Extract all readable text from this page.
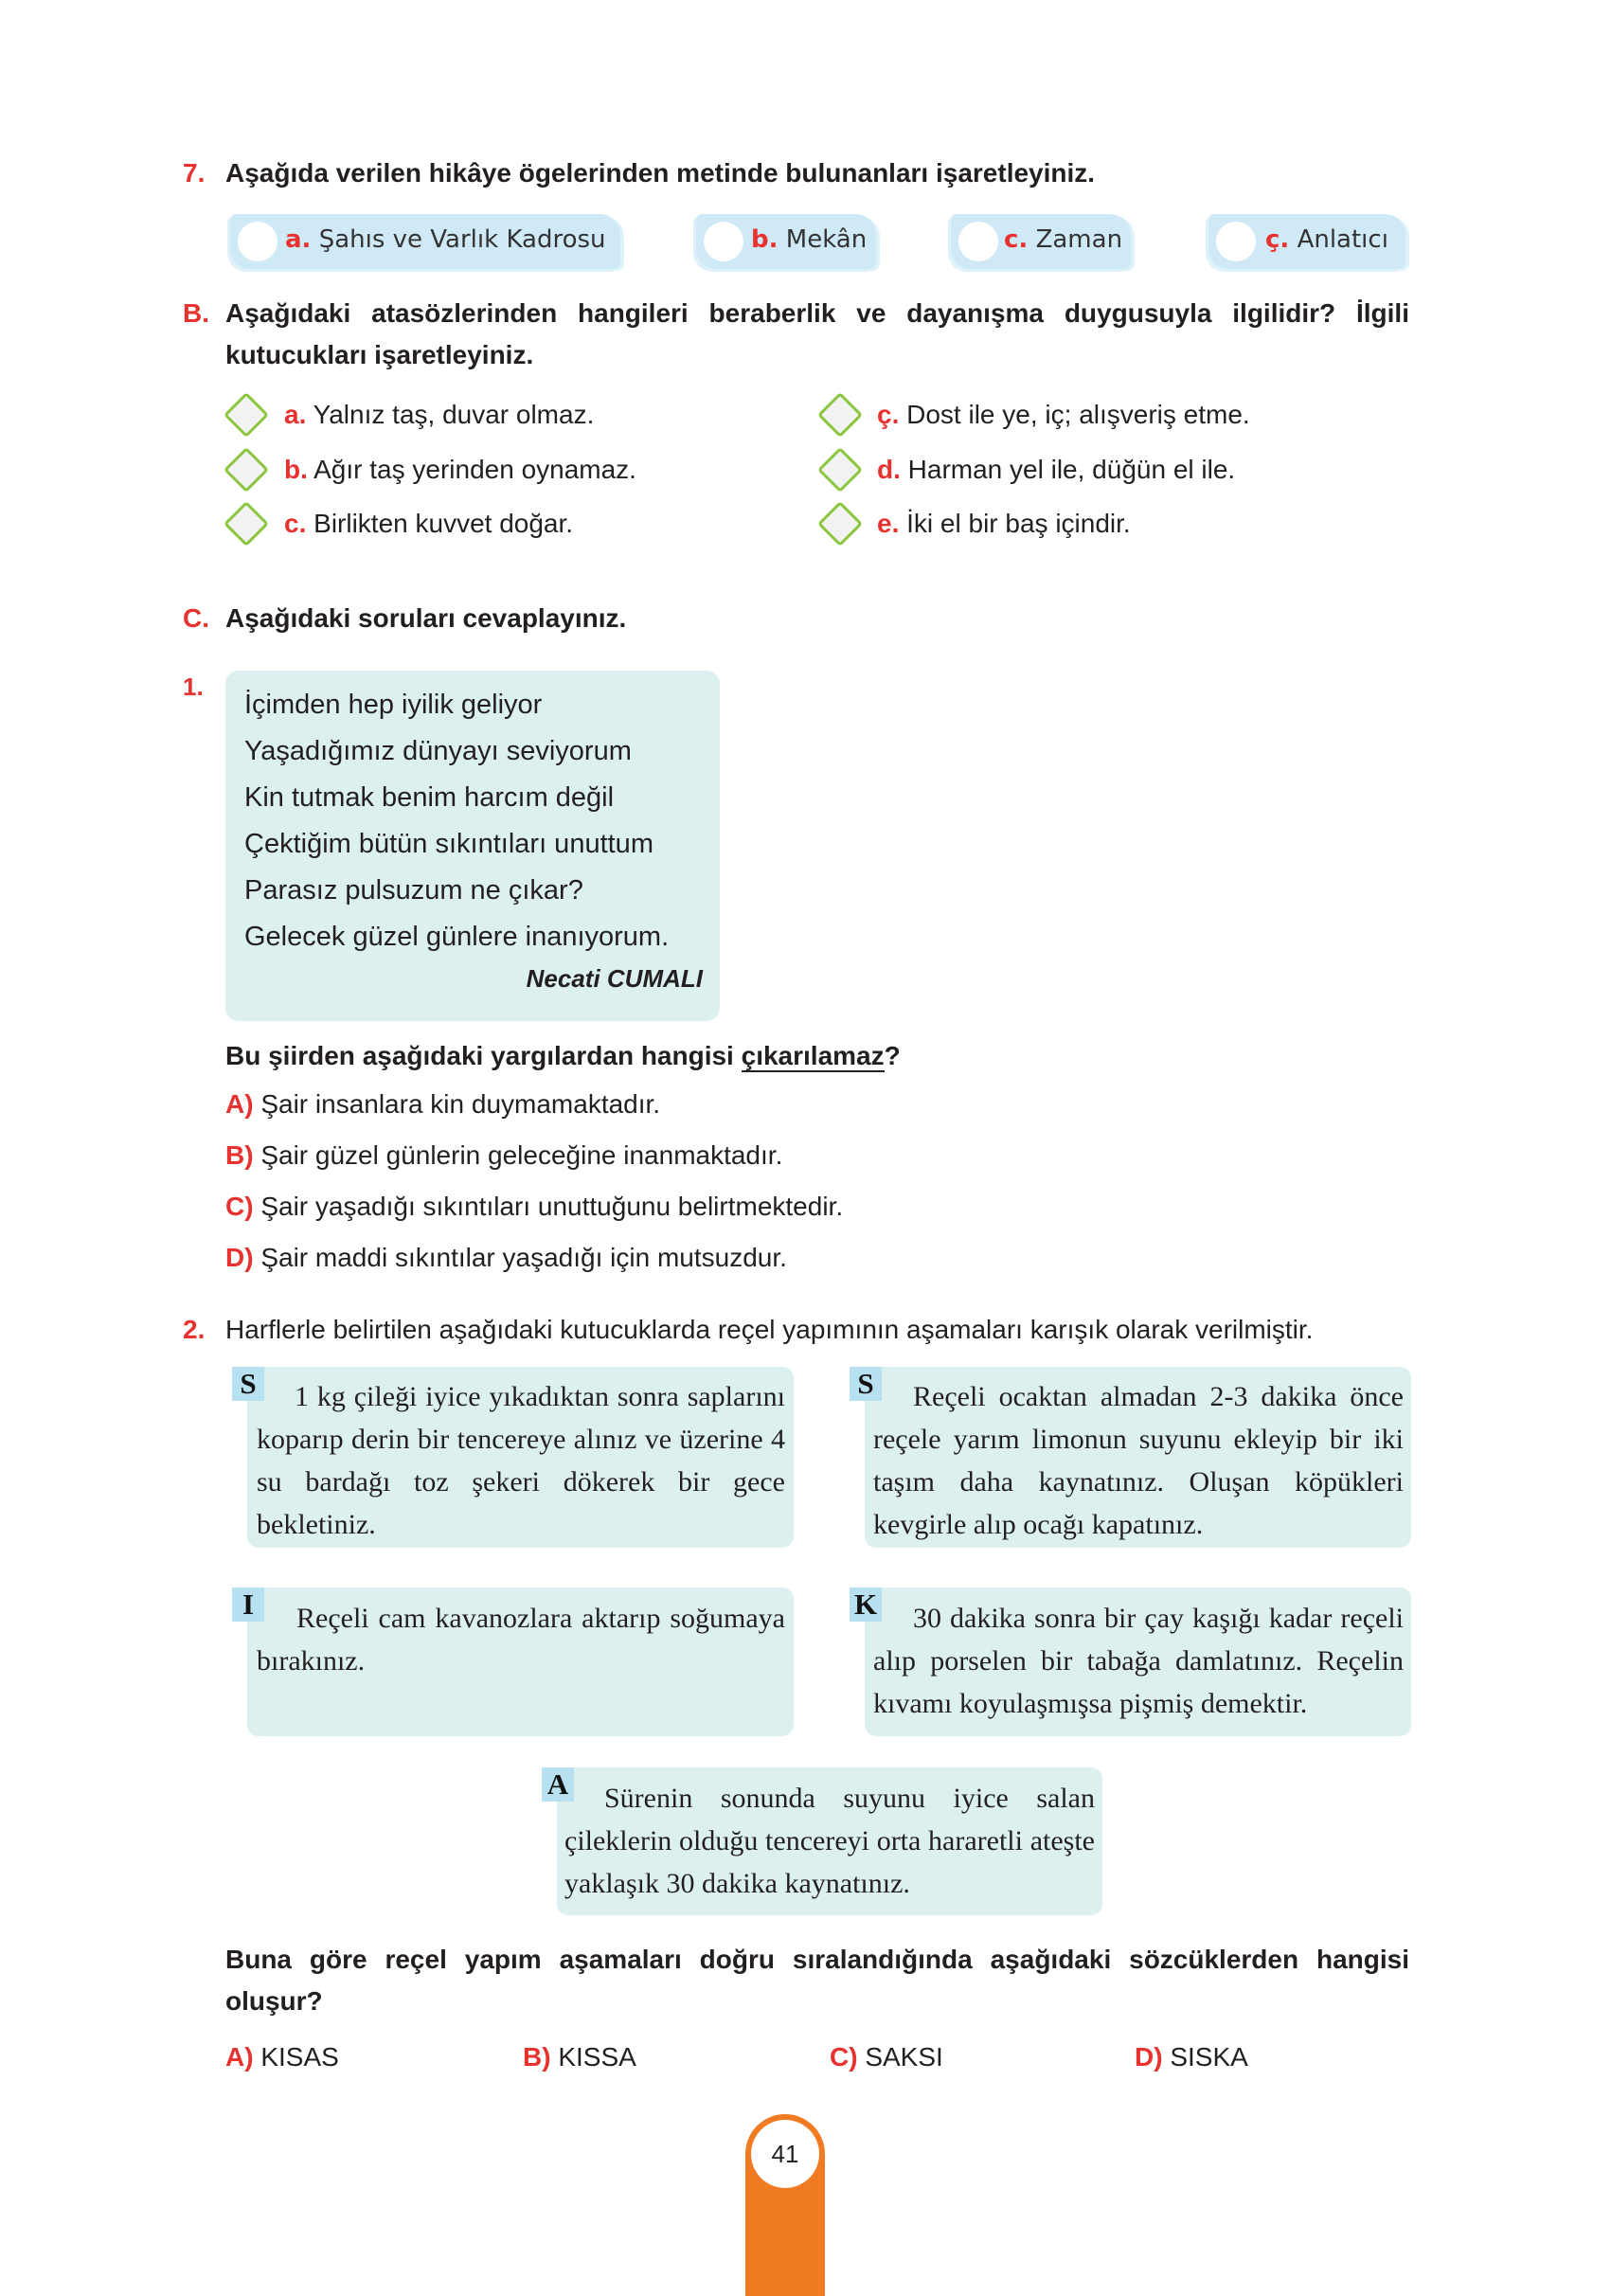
7. Aşağıda verilen hikâye ögelerinden metinde bulunanları işaretleyiniz.
a. Şahıs ve Varlık Kadrosu	b. Mekân	c. Zaman	ç. Anlatıcı
B. Aşağıdaki atasözlerinden hangileri beraberlik ve dayanışma duygusuyla ilgilidir? İlgili
kutucukları işaretleyiniz.
a. Yalnız taş, duvar olmaz.
b. Ağır taş yerinden oynamaz.
c. Birlikten kuvvet doğar.
ç. Dost ile ye, iç; alışveriş etme.
d. Harman yel ile, düğün el ile.
e. İki el bir baş içindir.
C. Aşağıdaki soruları cevaplayınız.
1.
İçimden hep iyilik geliyor
Yaşadığımız dünyayı seviyorum
Kin tutmak benim harcım değil
Çektiğim bütün sıkıntıları unuttum
Parasız pulsuzum ne çıkar?
Gelecek güzel günlere inanıyorum.
Necati CUMALI
Bu şiirden aşağıdaki yargılardan hangisi çıkarılamaz?
A) Şair insanlara kin duymamaktadır.
B) Şair güzel günlerin geleceğine inanmaktadır.
C) Şair yaşadığı sıkıntıları unuttuğunu belirtmektedir.
D) Şair maddi sıkıntılar yaşadığı için mutsuzdur.
2. Harflerle belirtilen aşağıdaki kutucuklarda reçel yapımının aşamaları karışık olarak verilmiştir.
S	1 kg çileği iyice yıkadıktan sonra saplarını koparıp derin bir tencereye alınız ve üzerine 4 su bardağı toz şekeri dökerek bir gece bekletiniz.
S	Reçeli ocaktan almadan 2-3 dakika önce reçele yarım limonun suyunu ekleyip bir iki taşım daha kaynatınız. Oluşan köpükleri kevgirle alıp ocağı kapatınız.
I	Reçeli cam kavanozlara aktarıp soğumaya bırakınız.
K	30 dakika sonra bir çay kaşığı kadar reçeli alıp porselen bir tabağa damlatınız. Reçelin kıvamı koyulaşmışsa pişmiş demektir.
A	Sürenin sonunda suyunu iyice salan çileklerin olduğu tencereyi orta hararetli ateşte yaklaşık 30 dakika kaynatınız.
Buna göre reçel yapım aşamaları doğru sıralandığında aşağıdaki sözcüklerden hangisi
oluşur?
A) KISAS	B) KISSA	C) SAKSI	D) SISKA
41
